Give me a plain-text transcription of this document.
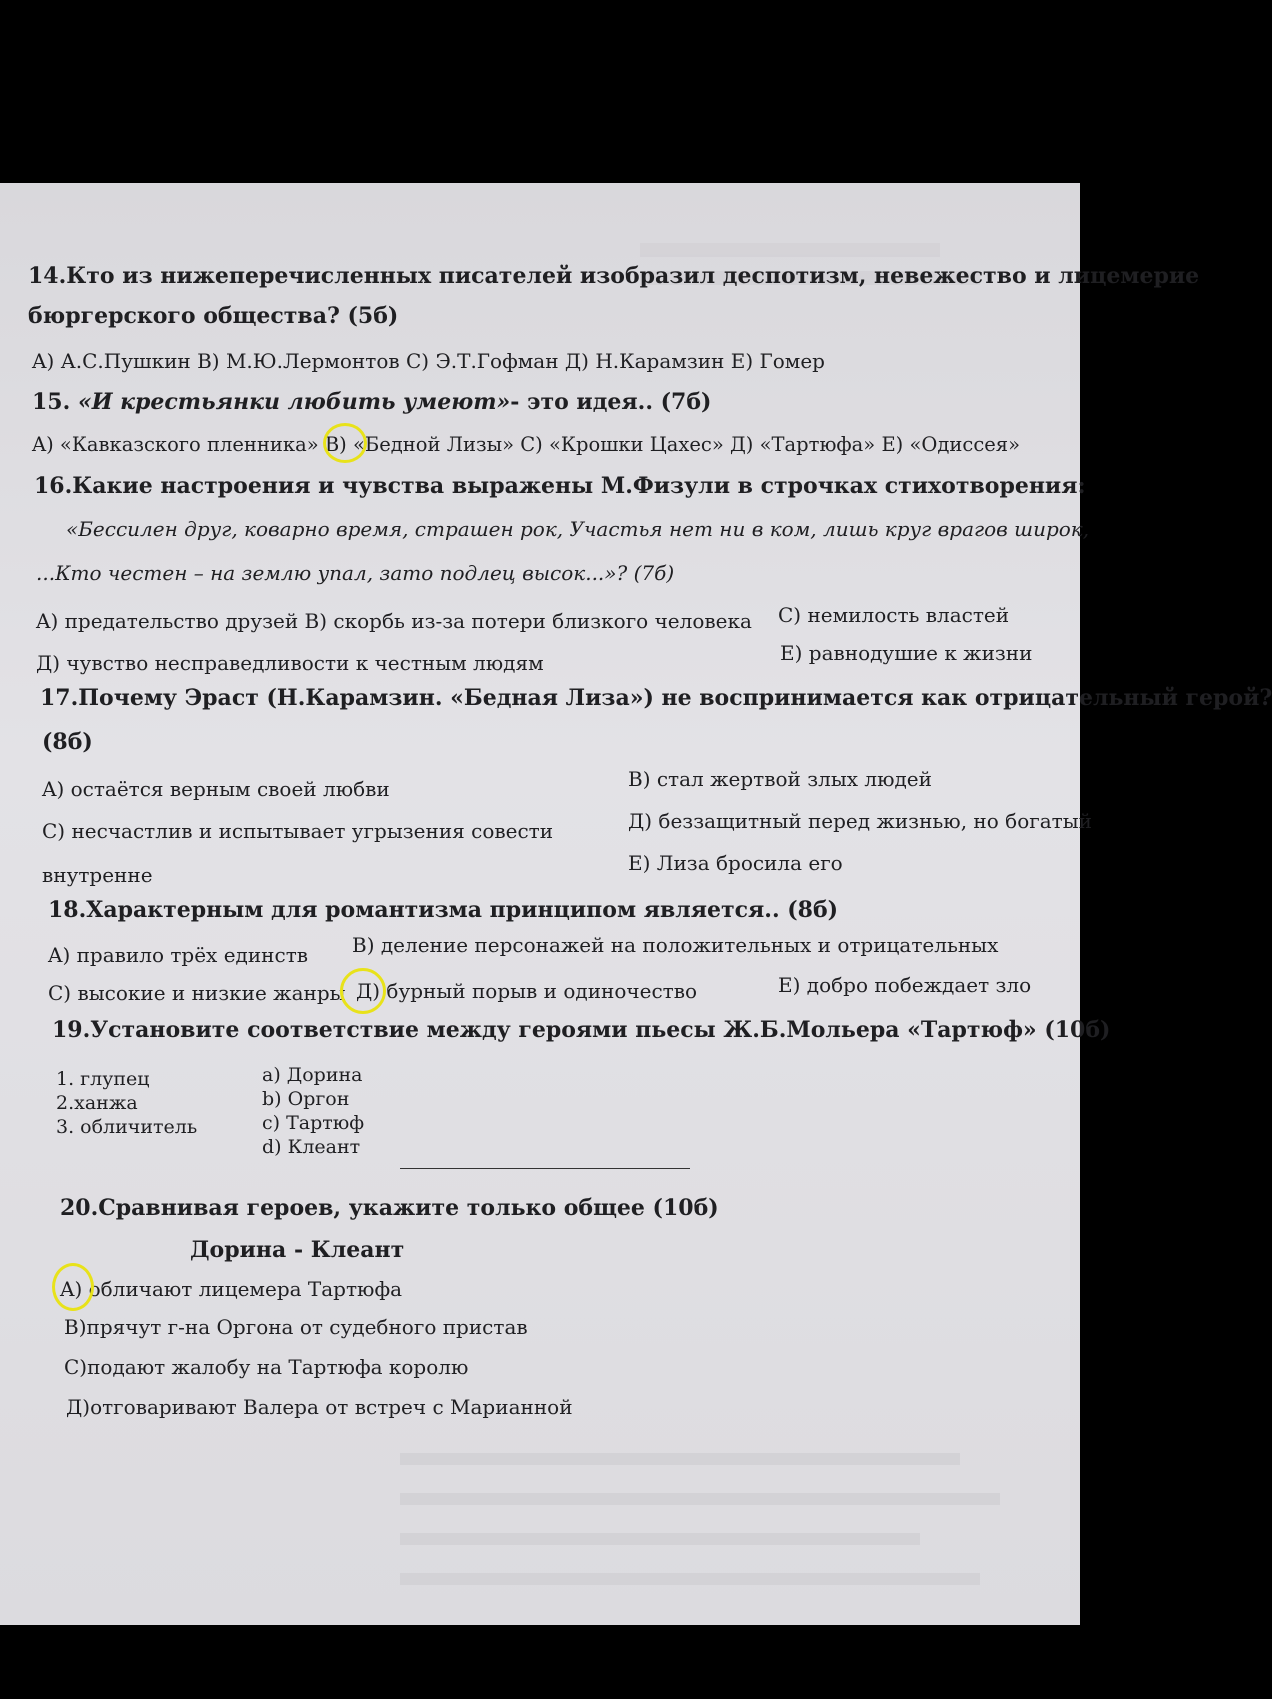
14.Кто из нижеперечисленных писателей изобразил деспотизм, невежество и лицемерие
бюргерского общества? (5б)
A) А.С.Пушкин B) М.Ю.Лермонтов C) Э.Т.Гофман Д) Н.Карамзин E) Гомер
15. «И крестьянки любить умеют»- это идея.. (7б)
A) «Кавказского пленника» B) «Бедной Лизы» C) «Крошки Цахес» Д) «Тартюфа» E) «Одиссея»
16.Какие настроения и чувства выражены М.Физули в строчках стихотворения:
«Бессилен друг, коварно время, страшен рок, Участья нет ни в ком, лишь круг врагов широк,
...Кто честен – на землю упал, зато подлец высок...»? (7б)
A) предательство друзей B) скорбь из-за потери близкого человека C) немилость властей
Д) чувство несправедливости к честным людям	E) равнодушие к жизни
17.Почему Эраст (Н.Карамзин. «Бедная Лиза») не воспринимается как отрицательный герой?
(8б)
A) остаётся верным своей любви	B) стал жертвой злых людей
C) несчастлив и испытывает угрызения совести	Д) беззащитный перед жизнью, но богатый
внутренне	E) Лиза бросила его
18.Характерным для романтизма принципом является.. (8б)
A) правило трёх единств B) деление персонажей на положительных и отрицательных
C) высокие и низкие жанры Д) бурный порыв и одиночество	E) добро побеждает зло
19.Установите соответствие между героями пьесы Ж.Б.Мольера «Тартюф» (10б)
1. глупец
2.ханжа
3. обличитель
a) Дорина
b) Оргон
c) Тартюф
d) Клеант
20.Сравнивая героев, укажите только общее (10б)
Дорина - Клеант
A) обличают лицемера Тартюфа
B)прячут г-на Оргона от судебного пристав
C)подают жалобу на Тартюфа королю
Д)отговаривают Валера от встреч с Марианной
